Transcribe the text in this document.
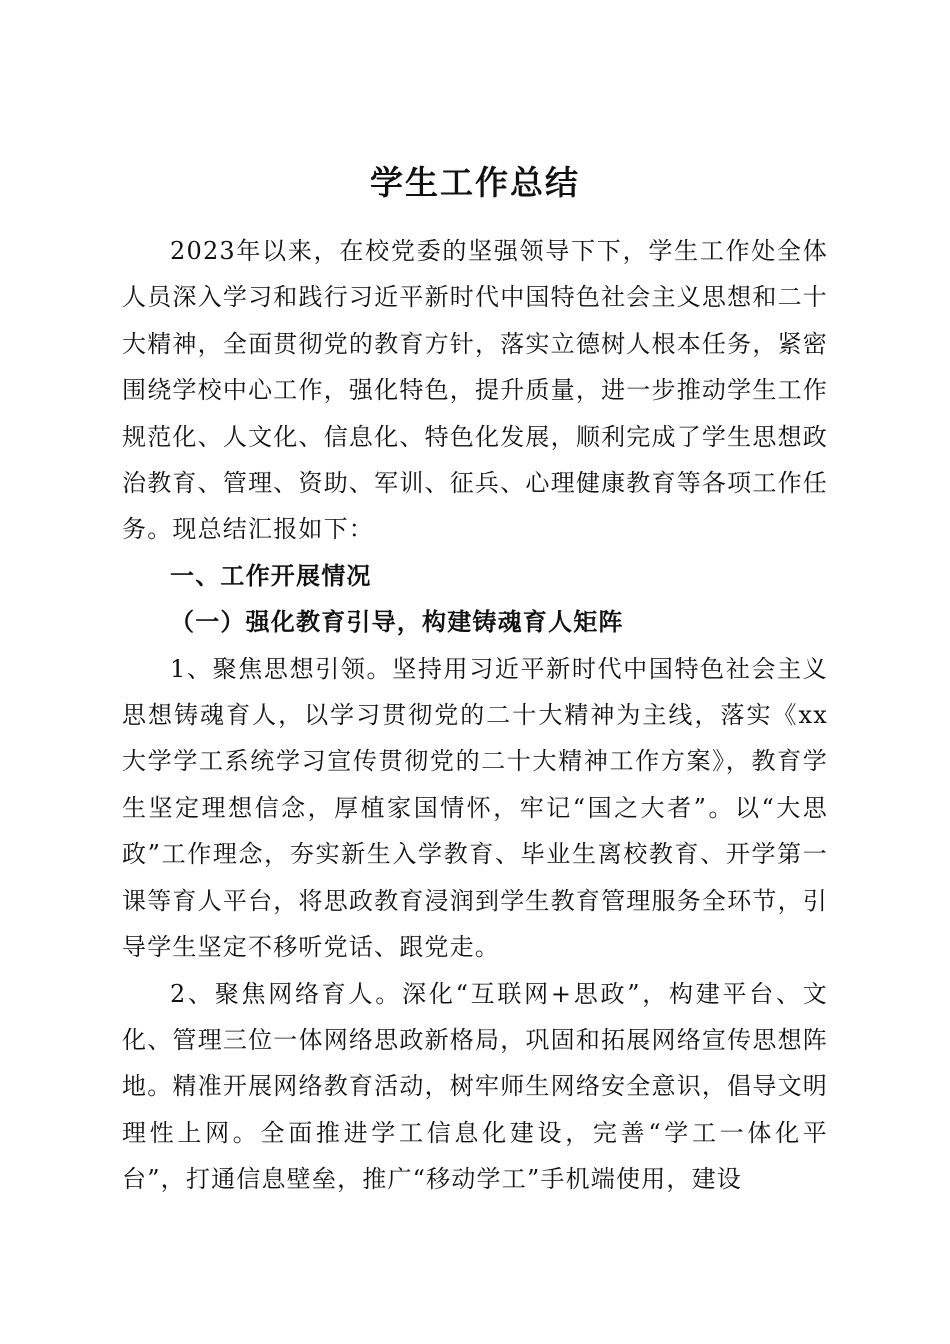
学生工作总结

2023年以来，在校党委的坚强领导下下，学生工作处全体人员深入学习和践行习近平新时代中国特色社会主义思想和二十大精神，全面贯彻党的教育方针，落实立德树人根本任务，紧密围绕学校中心工作，强化特色，提升质量，进一步推动学生工作规范化、人文化、信息化、特色化发展，顺利完成了学生思想政治教育、管理、资助、军训、征兵、心理健康教育等各项工作任务。现总结汇报如下：

一、工作开展情况

（一）强化教育引导，构建铸魂育人矩阵

1、聚焦思想引领。坚持用习近平新时代中国特色社会主义思想铸魂育人，以学习贯彻党的二十大精神为主线，落实《xx大学学工系统学习宣传贯彻党的二十大精神工作方案》，教育学生坚定理想信念，厚植家国情怀，牢记“国之大者”。以“大思政”工作理念，夯实新生入学教育、毕业生离校教育、开学第一课等育人平台，将思政教育浸润到学生教育管理服务全环节，引导学生坚定不移听党话、跟党走。

2、聚焦网络育人。深化“互联网+思政”，构建平台、文化、管理三位一体网络思政新格局，巩固和拓展网络宣传思想阵地。精准开展网络教育活动，树牢师生网络安全意识，倡导文明理性上网。全面推进学工信息化建设，完善“学工一体化平台”，打通信息壁垒，推广“移动学工”手机端使用，建设
